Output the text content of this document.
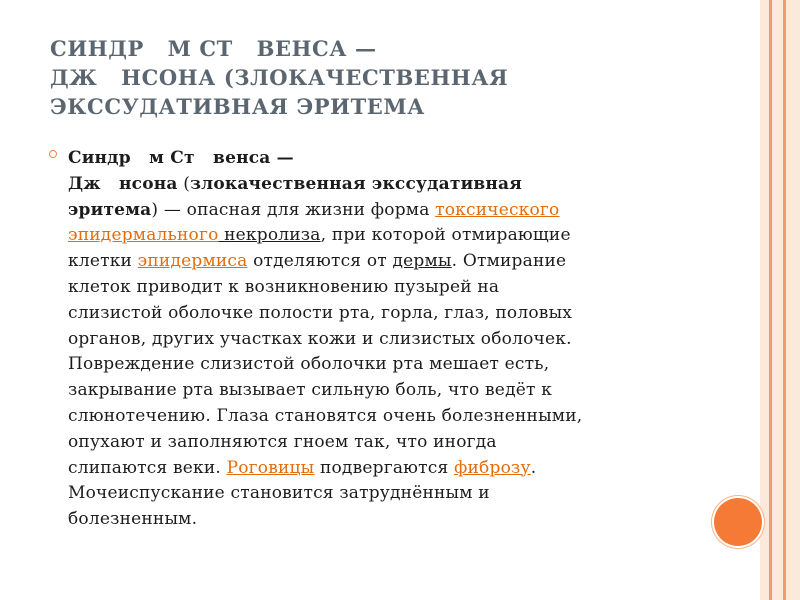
СИНДР   М СТ   ВЕНСА —
ДЖ   НСОНА (ЗЛОКАЧЕСТВЕННАЯ
ЭКССУДАТИВНАЯ ЭРИТЕМА

Синдр   м Ст   венса —
Дж   нсона (злокачественная экссудативная
эритема) — опасная для жизни форма токсического
эпидермального некролиза, при которой отмирающие
клетки эпидермиса отделяются от дермы. Отмирание
клеток приводит к возникновению пузырей на
слизистой оболочке полости рта, горла, глаз, половых
органов, других участках кожи и слизистых оболочек.
Повреждение слизистой оболочки рта мешает есть,
закрывание рта вызывает сильную боль, что ведёт к
слюнотечению. Глаза становятся очень болезненными,
опухают и заполняются гноем так, что иногда
слипаются веки. Роговицы подвергаются фиброзу.
Мочеиспускание становится затруднённым и
болезненным.
